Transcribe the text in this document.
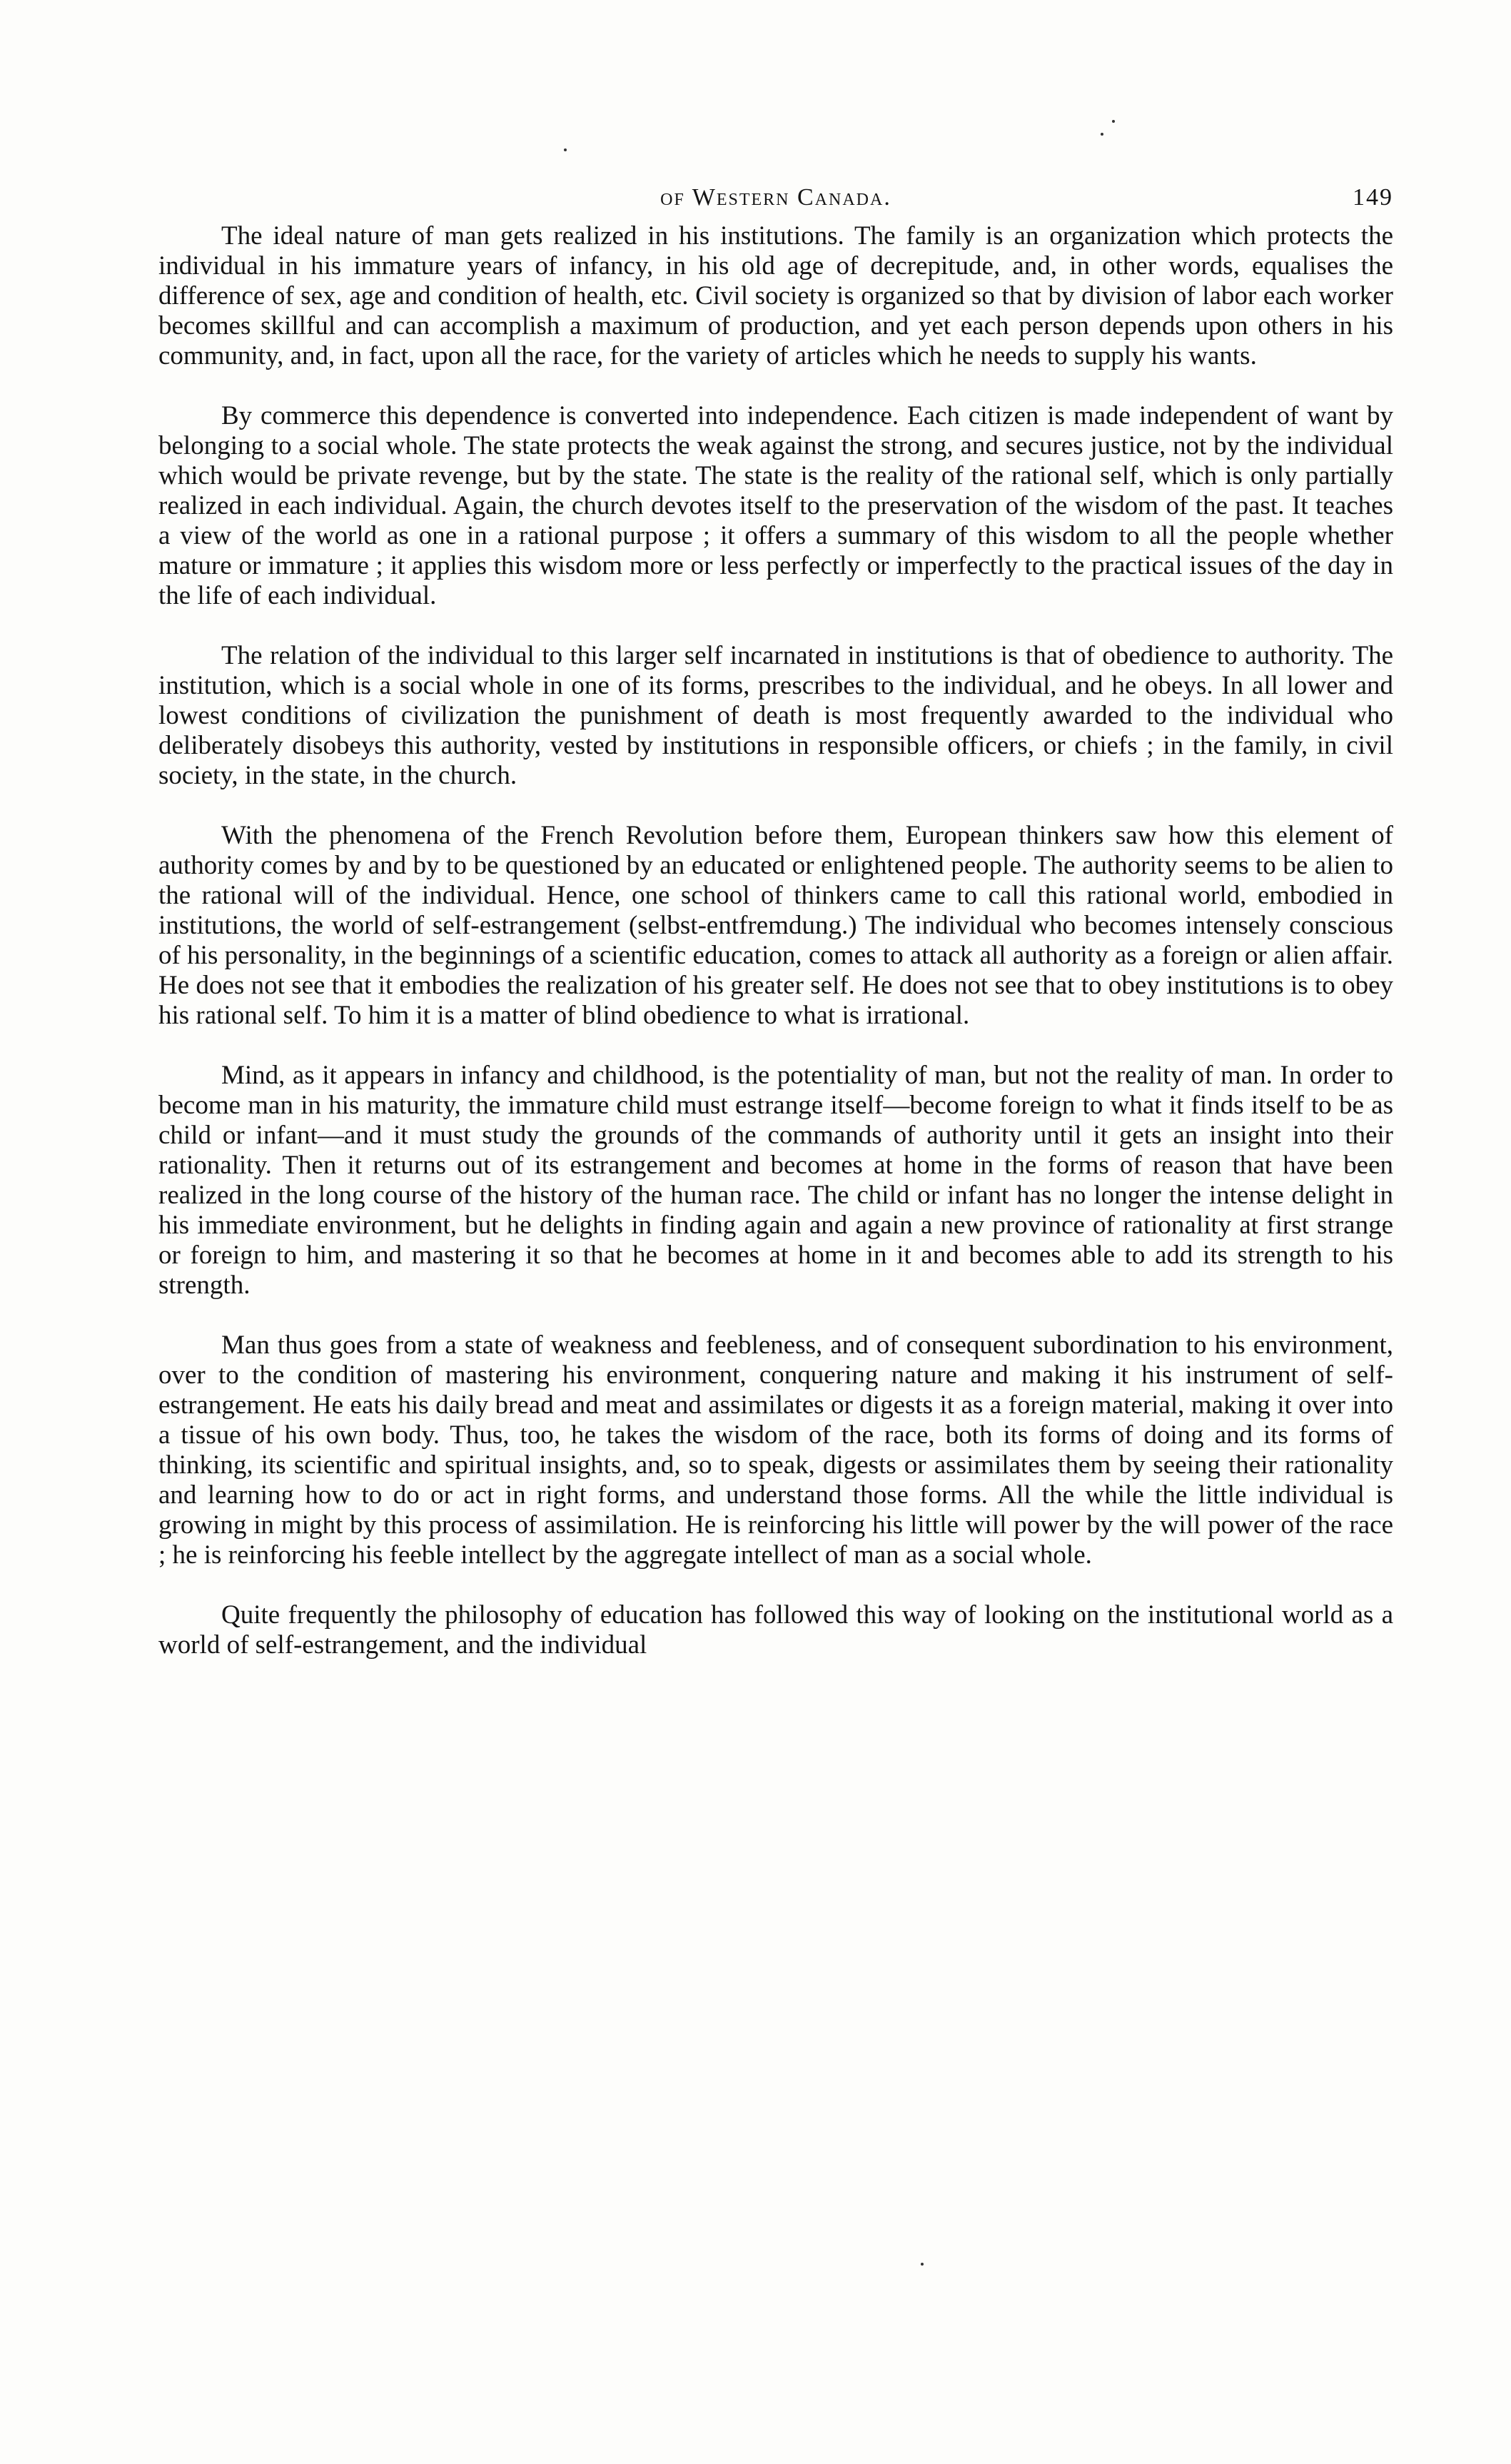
of Western Canada.	149

The ideal nature of man gets realized in his institutions. The family is an organization which protects the individual in his immature years of infancy, in his old age of decrepitude, and, in other words, equalises the difference of sex, age and condition of health, etc. Civil society is organized so that by division of labor each worker becomes skillful and can accomplish a maximum of production, and yet each person depends upon others in his community, and, in fact, upon all the race, for the variety of articles which he needs to supply his wants.

By commerce this dependence is converted into independence. Each citizen is made independent of want by belonging to a social whole. The state protects the weak against the strong, and secures justice, not by the individual which would be private revenge, but by the state. The state is the reality of the rational self, which is only partially realized in each individual. Again, the church devotes itself to the preservation of the wisdom of the past. It teaches a view of the world as one in a rational purpose ; it offers a summary of this wisdom to all the people whether mature or immature ; it applies this wisdom more or less perfectly or imperfectly to the practical issues of the day in the life of each individual.

The relation of the individual to this larger self incarnated in institutions is that of obedience to authority. The institution, which is a social whole in one of its forms, prescribes to the individual, and he obeys. In all lower and lowest conditions of civilization the punishment of death is most frequently awarded to the individual who deliberately disobeys this authority, vested by institutions in responsible officers, or chiefs ; in the family, in civil society, in the state, in the church.

With the phenomena of the French Revolution before them, European thinkers saw how this element of authority comes by and by to be questioned by an educated or enlightened people. The authority seems to be alien to the rational will of the individual. Hence, one school of thinkers came to call this rational world, embodied in institutions, the world of self-estrangement (selbst-entfremdung.) The individual who becomes intensely conscious of his personality, in the beginnings of a scientific education, comes to attack all authority as a foreign or alien affair. He does not see that it embodies the realization of his greater self. He does not see that to obey institutions is to obey his rational self. To him it is a matter of blind obedience to what is irrational.

Mind, as it appears in infancy and childhood, is the potentiality of man, but not the reality of man. In order to become man in his maturity, the immature child must estrange itself—become foreign to what it finds itself to be as child or infant—and it must study the grounds of the commands of authority until it gets an insight into their rationality. Then it returns out of its estrangement and becomes at home in the forms of reason that have been realized in the long course of the history of the human race. The child or infant has no longer the intense delight in his immediate environment, but he delights in finding again and again a new province of rationality at first strange or foreign to him, and mastering it so that he becomes at home in it and becomes able to add its strength to his strength.

Man thus goes from a state of weakness and feebleness, and of consequent subordination to his environment, over to the condition of mastering his environment, conquering nature and making it his instrument of self-estrangement. He eats his daily bread and meat and assimilates or digests it as a foreign material, making it over into a tissue of his own body. Thus, too, he takes the wisdom of the race, both its forms of doing and its forms of thinking, its scientific and spiritual insights, and, so to speak, digests or assimilates them by seeing their rationality and learning how to do or act in right forms, and understand those forms. All the while the little individual is growing in might by this process of assimilation. He is reinforcing his little will power by the will power of the race ; he is reinforcing his feeble intellect by the aggregate intellect of man as a social whole.

Quite frequently the philosophy of education has followed this way of looking on the institutional world as a world of self-estrangement, and the individual
